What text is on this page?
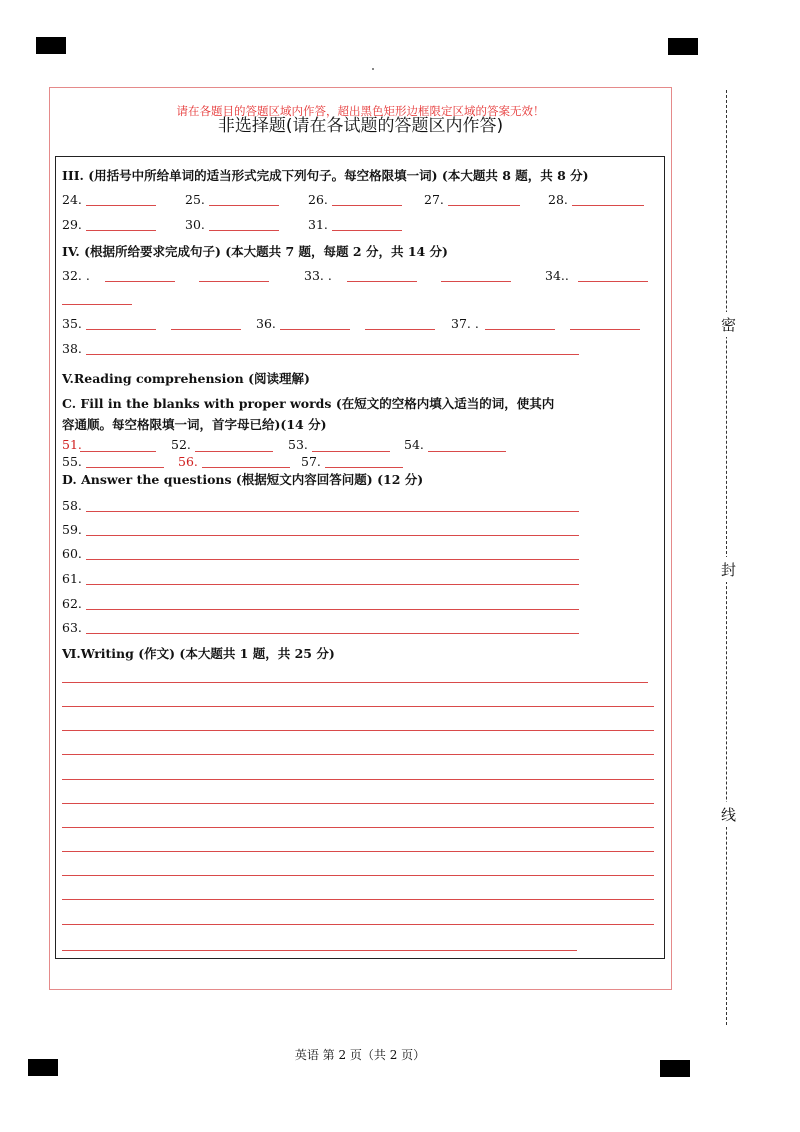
非选择题(请在各试题的答题区内作答)
请在各题目的答题区域内作答，超出黑色矩形边框限定区域的答案无效！
III. (用括号中所给单词的适当形式完成下列句子。每空格限填一词) (本大题共 8 题，共 8 分)
24.	25.	26.	27.	28.
29.	30.	31.
IV. (根据所给要求完成句子) (本大题共 7 题，每题 2 分，共 14 分)
32. .	33. .	34..
35.	36.	37. .
38.
V.Reading comprehension (阅读理解)
C. Fill in the blanks with proper words (在短文的空格内填入适当的词，使其内
容通顺。每空格限填一词，首字母已给)(14 分)
51.	52.	53.	54.
55.	56.	57.
D. Answer the questions (根据短文内容回答问题) (12 分)
58.
59.
60.
61.
62.
63.
Ⅵ.Writing (作文) (本大题共 1 题，共 25 分)
密
封
线
英语 第 2 页（共 2 页）
